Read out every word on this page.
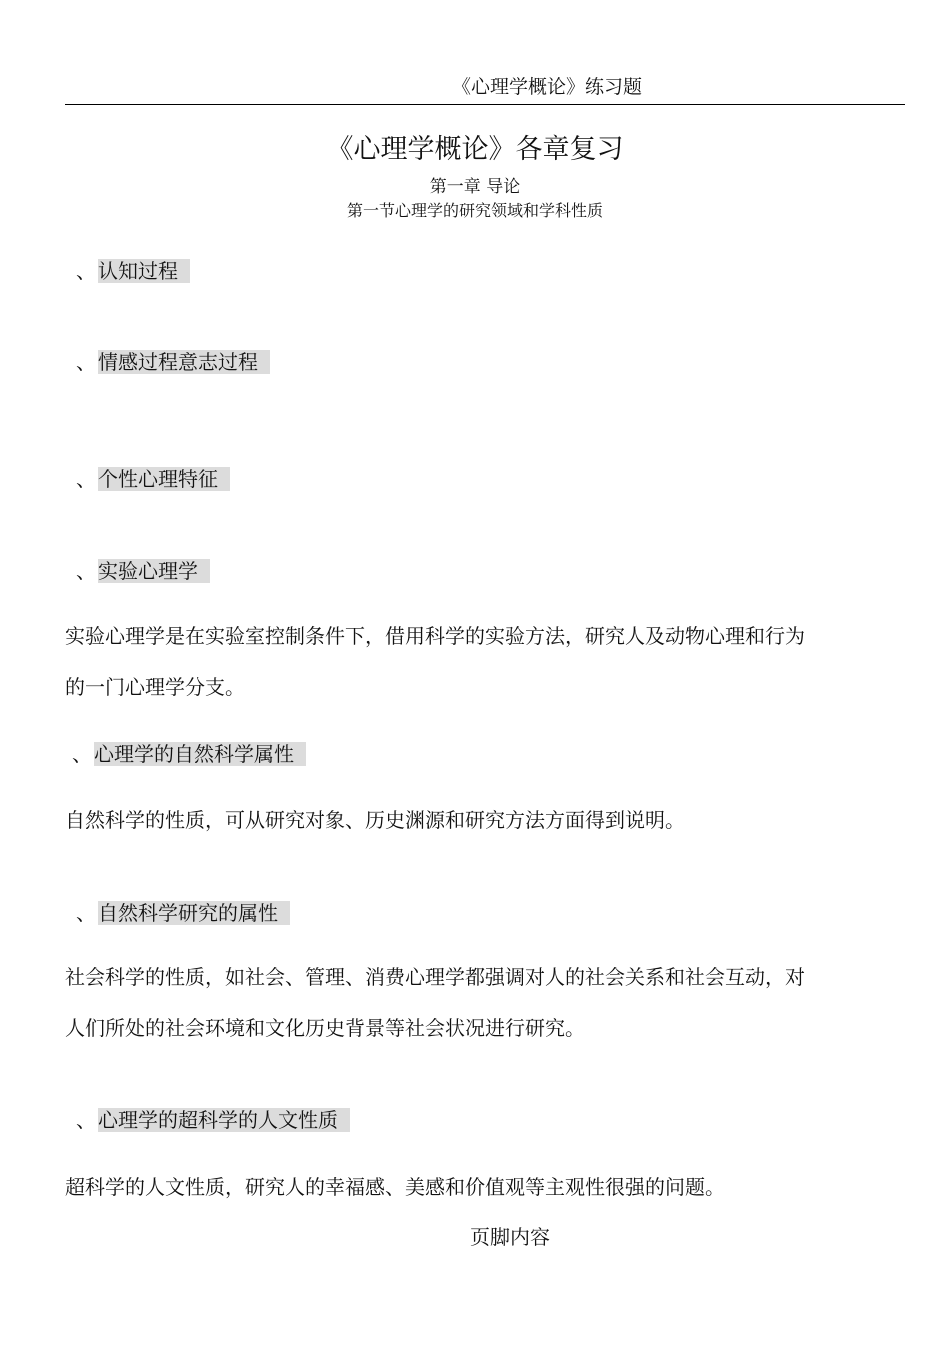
《心理学概论》练习题
《心理学概论》各章复习
第一章 导论
第一节心理学的研究领域和学科性质
、 认知过程
、 情感过程意志过程
、 个性心理特征
、 实验心理学
实验心理学是在实验室控制条件下，借用科学的实验方法，研究人及动物心理和行为
的一门心理学分支。
、 心理学的自然科学属性
自然科学的性质，可从研究对象、历史渊源和研究方法方面得到说明。
、 自然科学研究的属性
社会科学的性质，如社会、管理、消费心理学都强调对人的社会关系和社会互动，对
人们所处的社会环境和文化历史背景等社会状况进行研究。
、 心理学的超科学的人文性质
超科学的人文性质，研究人的幸福感、美感和价值观等主观性很强的问题。
页脚内容
